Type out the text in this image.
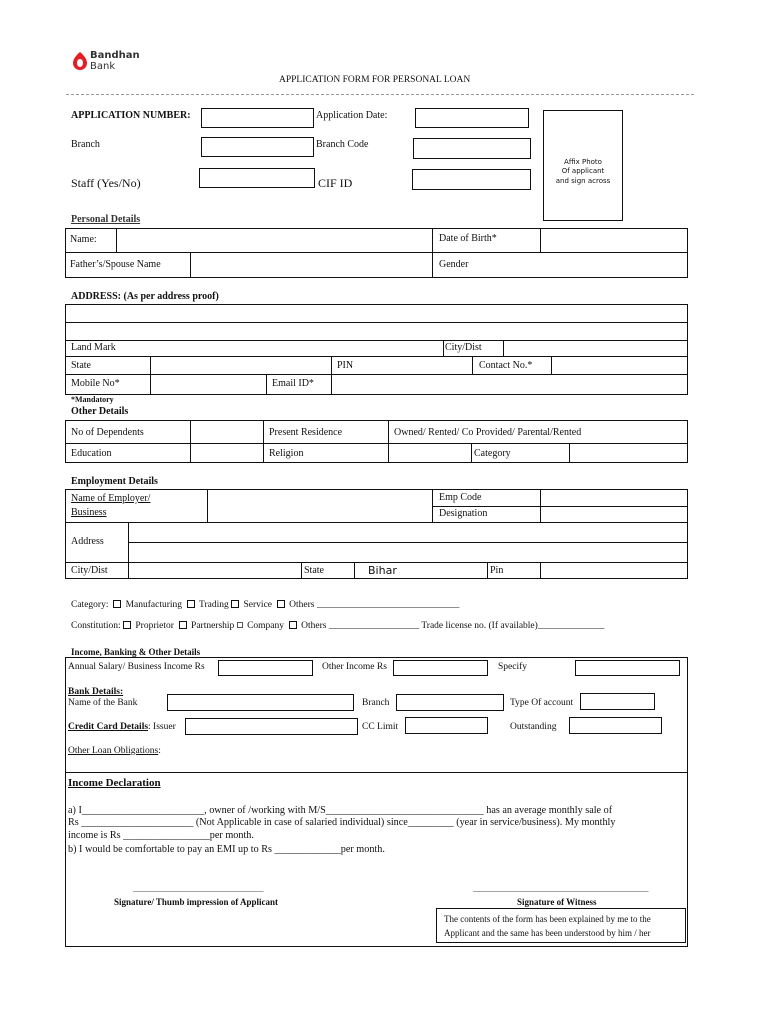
Bandhan
Bank
APPLICATION FORM FOR PERSONAL LOAN
APPLICATION NUMBER:	Application Date:
Branch	Branch Code
Staff (Yes/No)	CIF ID
Affix Photo
Of applicant
and sign across
Personal Details
Name:	Date of Birth*
Father’s/Spouse Name	Gender
ADDRESS: (As per address proof)
Land Mark	City/Dist
State	PIN	Contact No.*
Mobile No*	Email ID*
*Mandatory
Other Details
No of Dependents	Present Residence	Owned/ Rented/ Co Provided/ Parental/Rented
Education	Religion	Category
Employment Details
Name of Employer/
Business
Emp Code
Designation
Address
City/Dist	State	Bihar	Pin
Category: Manufacturing Trading Service Others ______________________________
Constitution: Proprietor Partnership Company Others ___________________ Trade license no. (If available)______________
Income, Banking & Other Details
Annual Salary/ Business Income Rs	Other Income Rs	Specify
Bank Details:
Name of the Bank	Branch	Type Of account
Credit Card Details: Issuer	CC Limit	Outstanding
Other Loan Obligations:
Income Declaration
a) I________________________, owner of /working with M/S_______________________________ has an average monthly sale of
Rs ______________________ (Not Applicable in case of salaried individual) since_________ (year in service/business). My monthly
income is Rs _________________per month.
b) I would be comfortable to pay an EMI up to Rs _____________per month.
_____________________________
Signature/ Thumb impression of Applicant
_______________________________________
Signature of Witness
The contents of the form has been explained by me to the
Applicant and the same has been understood by him / her
